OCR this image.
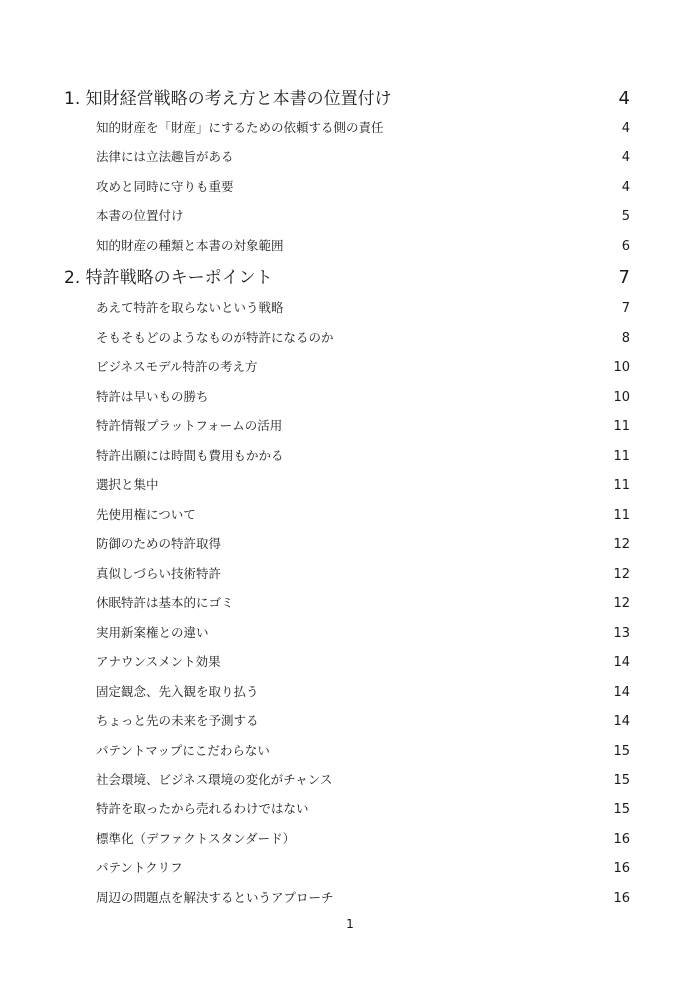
1. 知財経営戦略の考え方と本書の位置付け	4
知的財産を「財産」にするための依頼する側の責任	4
法律には立法趣旨がある	4
攻めと同時に守りも重要	4
本書の位置付け	5
知的財産の種類と本書の対象範囲	6
2. 特許戦略のキーポイント	7
あえて特許を取らないという戦略	7
そもそもどのようなものが特許になるのか	8
ビジネスモデル特許の考え方	10
特許は早いもの勝ち	10
特許情報プラットフォームの活用	11
特許出願には時間も費用もかかる	11
選択と集中	11
先使用権について	11
防御のための特許取得	12
真似しづらい技術特許	12
休眠特許は基本的にゴミ	12
実用新案権との違い	13
アナウンスメント効果	14
固定観念、先入観を取り払う	14
ちょっと先の未来を予測する	14
パテントマップにこだわらない	15
社会環境、ビジネス環境の変化がチャンス	15
特許を取ったから売れるわけではない	15
標準化（デファクトスタンダード）	16
パテントクリフ	16
周辺の問題点を解決するというアプローチ	16
1
